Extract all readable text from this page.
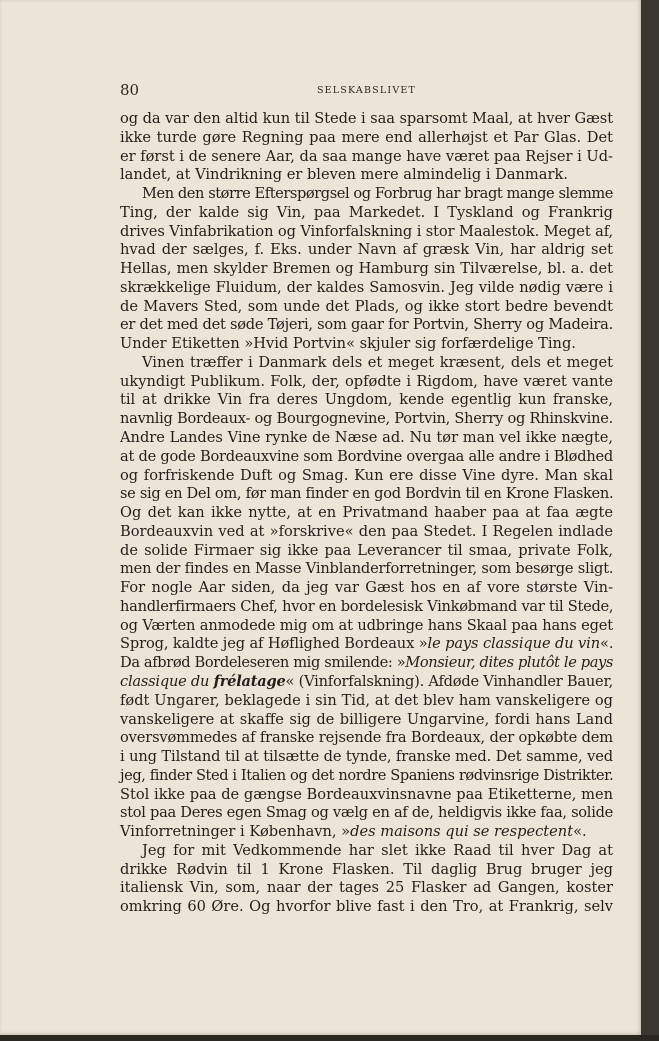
80	SELSKABSLIVET
og da var den altid kun til Stede i saa sparsomt Maal, at hver Gæst
ikke turde gøre Regning paa mere end allerhøjst et Par Glas. Det
er først i de senere Aar, da saa mange have været paa Rejser i Ud-
landet, at Vindrikning er bleven mere almindelig i Danmark.
Men den større Efterspørgsel og Forbrug har bragt mange slemme
Ting, der kalde sig Vin, paa Markedet. I Tyskland og Frankrig
drives Vinfabrikation og Vinforfalskning i stor Maalestok. Meget af,
hvad der sælges, f. Eks. under Navn af græsk Vin, har aldrig set
Hellas, men skylder Bremen og Hamburg sin Tilværelse, bl. a. det
skrækkelige Fluidum, der kaldes Samosvin. Jeg vilde nødig være i
de Mavers Sted, som unde det Plads, og ikke stort bedre bevendt
er det med det søde Tøjeri, som gaar for Portvin, Sherry og Madeira.
Under Etiketten »Hvid Portvin« skjuler sig forfærdelige Ting.
Vinen træffer i Danmark dels et meget kræsent, dels et meget
ukyndigt Publikum. Folk, der, opfødte i Rigdom, have været vante
til at drikke Vin fra deres Ungdom, kende egentlig kun franske,
navnlig Bordeaux- og Bourgognevine, Portvin, Sherry og Rhinskvine.
Andre Landes Vine rynke de Næse ad. Nu tør man vel ikke nægte,
at de gode Bordeauxvine som Bordvine overgaa alle andre i Blødhed
og forfriskende Duft og Smag. Kun ere disse Vine dyre. Man skal
se sig en Del om, før man finder en god Bordvin til en Krone Flasken.
Og det kan ikke nytte, at en Privatmand haaber paa at faa ægte
Bordeauxvin ved at »forskrive« den paa Stedet. I Regelen indlade
de solide Firmaer sig ikke paa Leverancer til smaa, private Folk,
men der findes en Masse Vinblanderforretninger, som besørge sligt.
For nogle Aar siden, da jeg var Gæst hos en af vore største Vin-
handlerfirmaers Chef, hvor en bordelesisk Vinkøbmand var til Stede,
og Værten anmodede mig om at udbringe hans Skaal paa hans eget
Sprog, kaldte jeg af Høflighed Bordeaux »le pays classique du vin«.
Da afbrød Bordeleseren mig smilende: »Monsieur, dites plutôt le pays
classique du frélatage« (Vinforfalskning). Afdøde Vinhandler Bauer,
født Ungarer, beklagede i sin Tid, at det blev ham vanskeligere og
vanskeligere at skaffe sig de billigere Ungarvine, fordi hans Land
oversvømmedes af franske rejsende fra Bordeaux, der opkøbte dem
i ung Tilstand til at tilsætte de tynde, franske med. Det samme, ved
jeg, finder Sted i Italien og det nordre Spaniens rødvinsrige Distrikter.
Stol ikke paa de gængse Bordeauxvinsnavne paa Etiketterne, men
stol paa Deres egen Smag og vælg en af de, heldigvis ikke faa, solide
Vinforretninger i København, »des maisons qui se respectent«.
Jeg for mit Vedkommende har slet ikke Raad til hver Dag at
drikke Rødvin til 1 Krone Flasken. Til daglig Brug bruger jeg
italiensk Vin, som, naar der tages 25 Flasker ad Gangen, koster
omkring 60 Øre. Og hvorfor blive fast i den Tro, at Frankrig, selv
